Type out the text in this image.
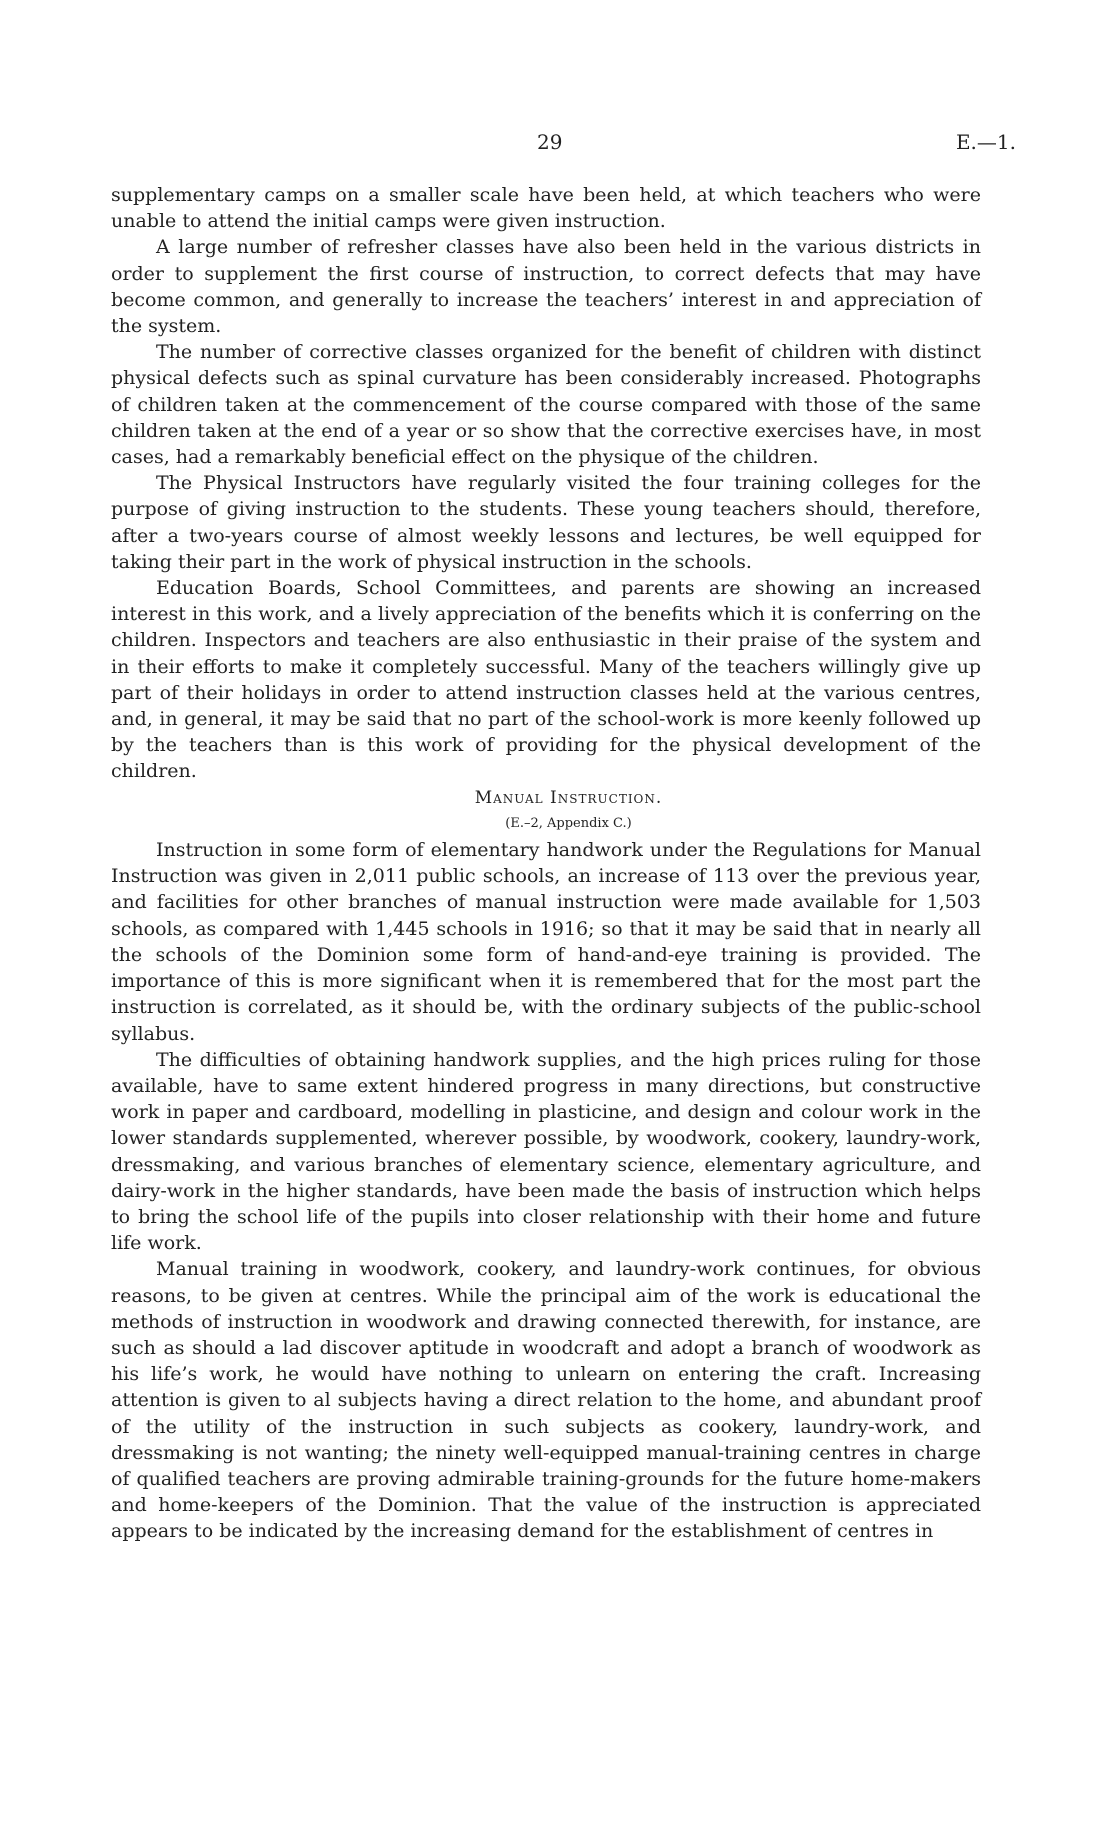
29	E.—1.

supplementary camps on a smaller scale have been held, at which teachers who were unable to attend the initial camps were given instruction.

A large number of refresher classes have also been held in the various districts in order to supplement the first course of instruction, to correct defects that may have become common, and generally to increase the teachers’ interest in and appreciation of the system.

The number of corrective classes organized for the benefit of children with distinct physical defects such as spinal curvature has been considerably increased. Photographs of children taken at the commencement of the course compared with those of the same children taken at the end of a year or so show that the corrective exercises have, in most cases, had a remarkably beneficial effect on the physique of the children.

The Physical Instructors have regularly visited the four training colleges for the purpose of giving instruction to the students. These young teachers should, therefore, after a two-years course of almost weekly lessons and lectures, be well equipped for taking their part in the work of physical instruction in the schools.

Education Boards, School Committees, and parents are showing an increased interest in this work, and a lively appreciation of the benefits which it is conferring on the children. Inspectors and teachers are also enthusiastic in their praise of the system and in their efforts to make it completely successful. Many of the teachers willingly give up part of their holidays in order to attend instruction classes held at the various centres, and, in general, it may be said that no part of the school-work is more keenly followed up by the teachers than is this work of providing for the physical development of the children.

Manual Instruction.

(E.–2, Appendix C.)

Instruction in some form of elementary handwork under the Regulations for Manual Instruction was given in 2,011 public schools, an increase of 113 over the previous year, and facilities for other branches of manual instruction were made available for 1,503 schools, as compared with 1,445 schools in 1916; so that it may be said that in nearly all the schools of the Dominion some form of hand-and-eye training is provided. The importance of this is more significant when it is remembered that for the most part the instruction is correlated, as it should be, with the ordinary subjects of the public-school syllabus.

The difficulties of obtaining handwork supplies, and the high prices ruling for those available, have to same extent hindered progress in many directions, but constructive work in paper and cardboard, modelling in plasticine, and design and colour work in the lower standards supplemented, wherever possible, by woodwork, cookery, laundry-work, dressmaking, and various branches of elementary science, elementary agriculture, and dairy-work in the higher standards, have been made the basis of instruction which helps to bring the school life of the pupils into closer relationship with their home and future life work.

Manual training in woodwork, cookery, and laundry-work continues, for obvious reasons, to be given at centres. While the principal aim of the work is educational the methods of instruction in woodwork and drawing connected therewith, for instance, are such as should a lad discover aptitude in woodcraft and adopt a branch of woodwork as his life’s work, he would have nothing to unlearn on entering the craft. Increasing attention is given to al subjects having a direct relation to the home, and abundant proof of the utility of the instruction in such subjects as cookery, laundry-work, and dressmaking is not wanting; the ninety well-equipped manual-training centres in charge of qualified teachers are proving admirable training-grounds for the future home-makers and home-keepers of the Dominion. That the value of the instruction is appreciated appears to be indicated by the increasing demand for the establishment of centres in
